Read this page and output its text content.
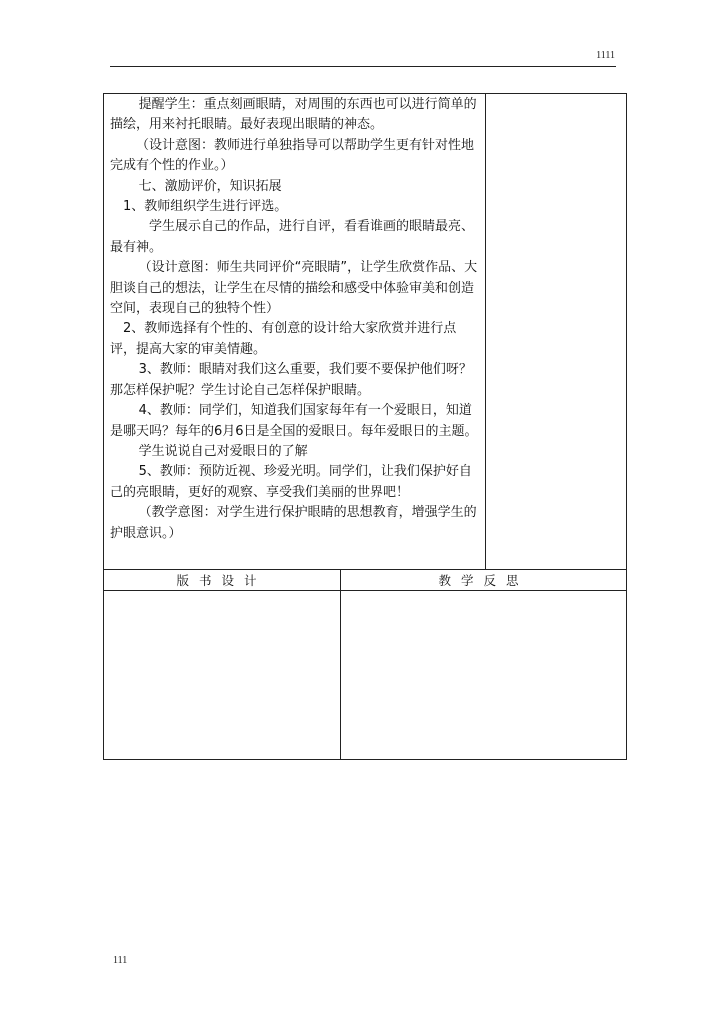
1111

提醒学生：重点刻画眼睛，对周围的东西也可以进行简单的描绘，用来衬托眼睛。最好表现出眼睛的神态。

（设计意图：教师进行单独指导可以帮助学生更有针对性地完成有个性的作业。）

七、激励评价，知识拓展

1、教师组织学生进行评选。

学生展示自己的作品，进行自评，看看谁画的眼睛最亮、最有神。

（设计意图：师生共同评价“亮眼睛”，让学生欣赏作品、大胆谈自己的想法，让学生在尽情的描绘和感受中体验审美和创造空间，表现自己的独特个性）

2、教师选择有个性的、有创意的设计给大家欣赏并进行点评，提高大家的审美情趣。

3、教师：眼睛对我们这么重要，我们要不要保护他们呀？那怎样保护呢？学生讨论自己怎样保护眼睛。

4、教师：同学们，知道我们国家每年有一个爱眼日，知道是哪天吗？每年的6月6日是全国的爱眼日。每年爱眼日的主题。

学生说说自己对爱眼日的了解

5、教师：预防近视、珍爱光明。同学们，让我们保护好自己的亮眼睛，更好的观察、享受我们美丽的世界吧！

（教学意图：对学生进行保护眼睛的思想教育，增强学生的护眼意识。）

版书设计	教学反思
111
